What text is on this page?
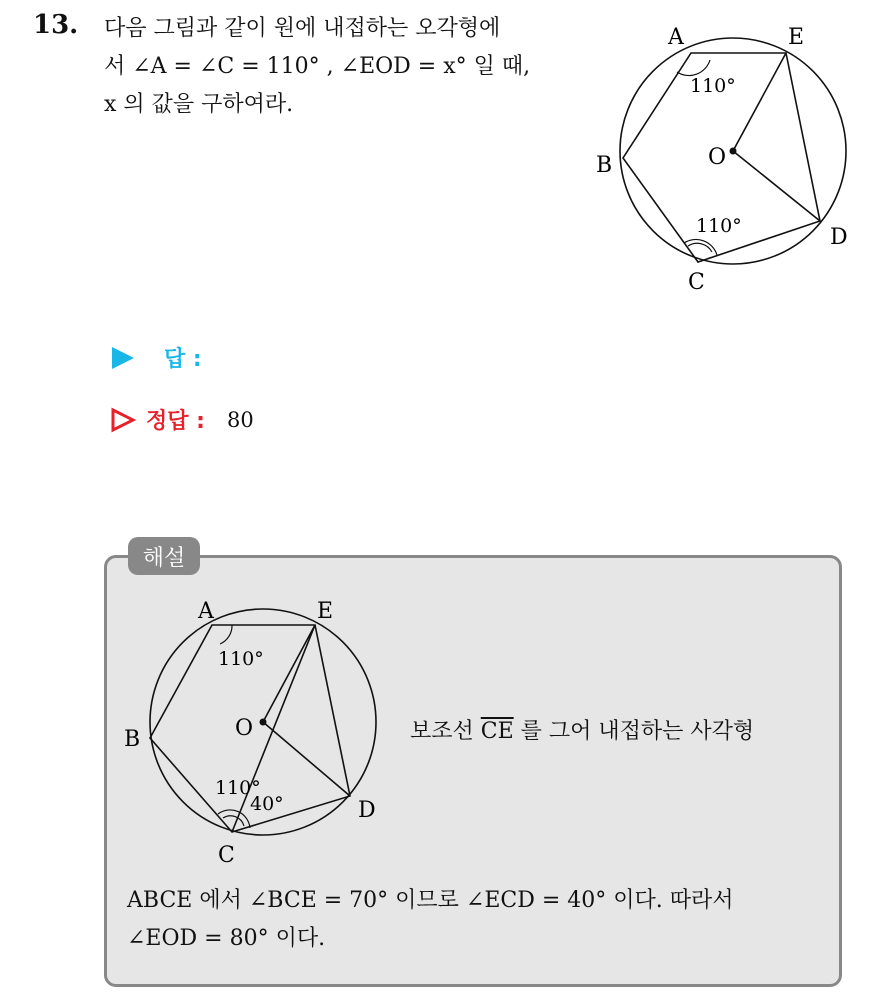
13. 다음 그림과 같이 원에 내접하는 오각형에
서 ∠A = ∠C = 110° , ∠EOD = x° 일 때,
x 의 값을 구하여라.
A	E
B	O
D
C
110°
110°
답 :
정답 : 80
해설
A	E
B	O
D
C
110°
110°
40°
보조선 $\overline{CE}$ 를 그어 내접하는 사각형
ABCE 에서 ∠BCE = 70° 이므로 ∠ECD = 40° 이다. 따라서
∠EOD = 80° 이다.
